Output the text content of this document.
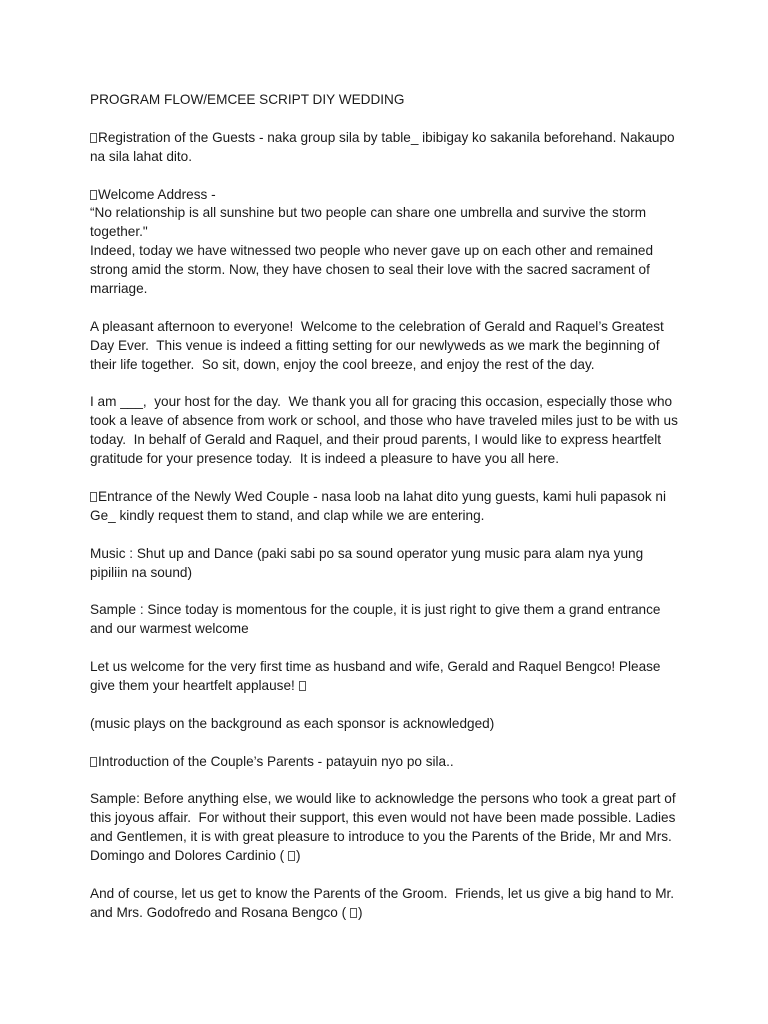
PROGRAM FLOW/EMCEE SCRIPT DIY WEDDING

Registration of the Guests - naka group sila by table_ ibibigay ko sakanila beforehand. Nakaupo na sila lahat dito.

Welcome Address -
“No relationship is all sunshine but two people can share one umbrella and survive the storm together."
Indeed, today we have witnessed two people who never gave up on each other and remained strong amid the storm. Now, they have chosen to seal their love with the sacred sacrament of marriage.

A pleasant afternoon to everyone!  Welcome to the celebration of Gerald and Raquel’s Greatest Day Ever.  This venue is indeed a fitting setting for our newlyweds as we mark the beginning of their life together.  So sit, down, enjoy the cool breeze, and enjoy the rest of the day.

I am ___,  your host for the day.  We thank you all for gracing this occasion, especially those who took a leave of absence from work or school, and those who have traveled miles just to be with us today.  In behalf of Gerald and Raquel, and their proud parents, I would like to express heartfelt gratitude for your presence today.  It is indeed a pleasure to have you all here.

Entrance of the Newly Wed Couple - nasa loob na lahat dito yung guests, kami huli papasok ni Ge_ kindly request them to stand, and clap while we are entering.

Music : Shut up and Dance (paki sabi po sa sound operator yung music para alam nya yung pipiliin na sound)

Sample : Since today is momentous for the couple, it is just right to give them a grand entrance and our warmest welcome

Let us welcome for the very first time as husband and wife, Gerald and Raquel Bengco! Please give them your heartfelt applause!

(music plays on the background as each sponsor is acknowledged)

Introduction of the Couple’s Parents - patayuin nyo po sila..

Sample: Before anything else, we would like to acknowledge the persons who took a great part of this joyous affair.  For without their support, this even would not have been made possible. Ladies and Gentlemen, it is with great pleasure to introduce to you the Parents of the Bride, Mr and Mrs. Domingo and Dolores Cardinio ( )

And of course, let us get to know the Parents of the Groom.  Friends, let us give a big hand to Mr. and Mrs. Godofredo and Rosana Bengco ( )
